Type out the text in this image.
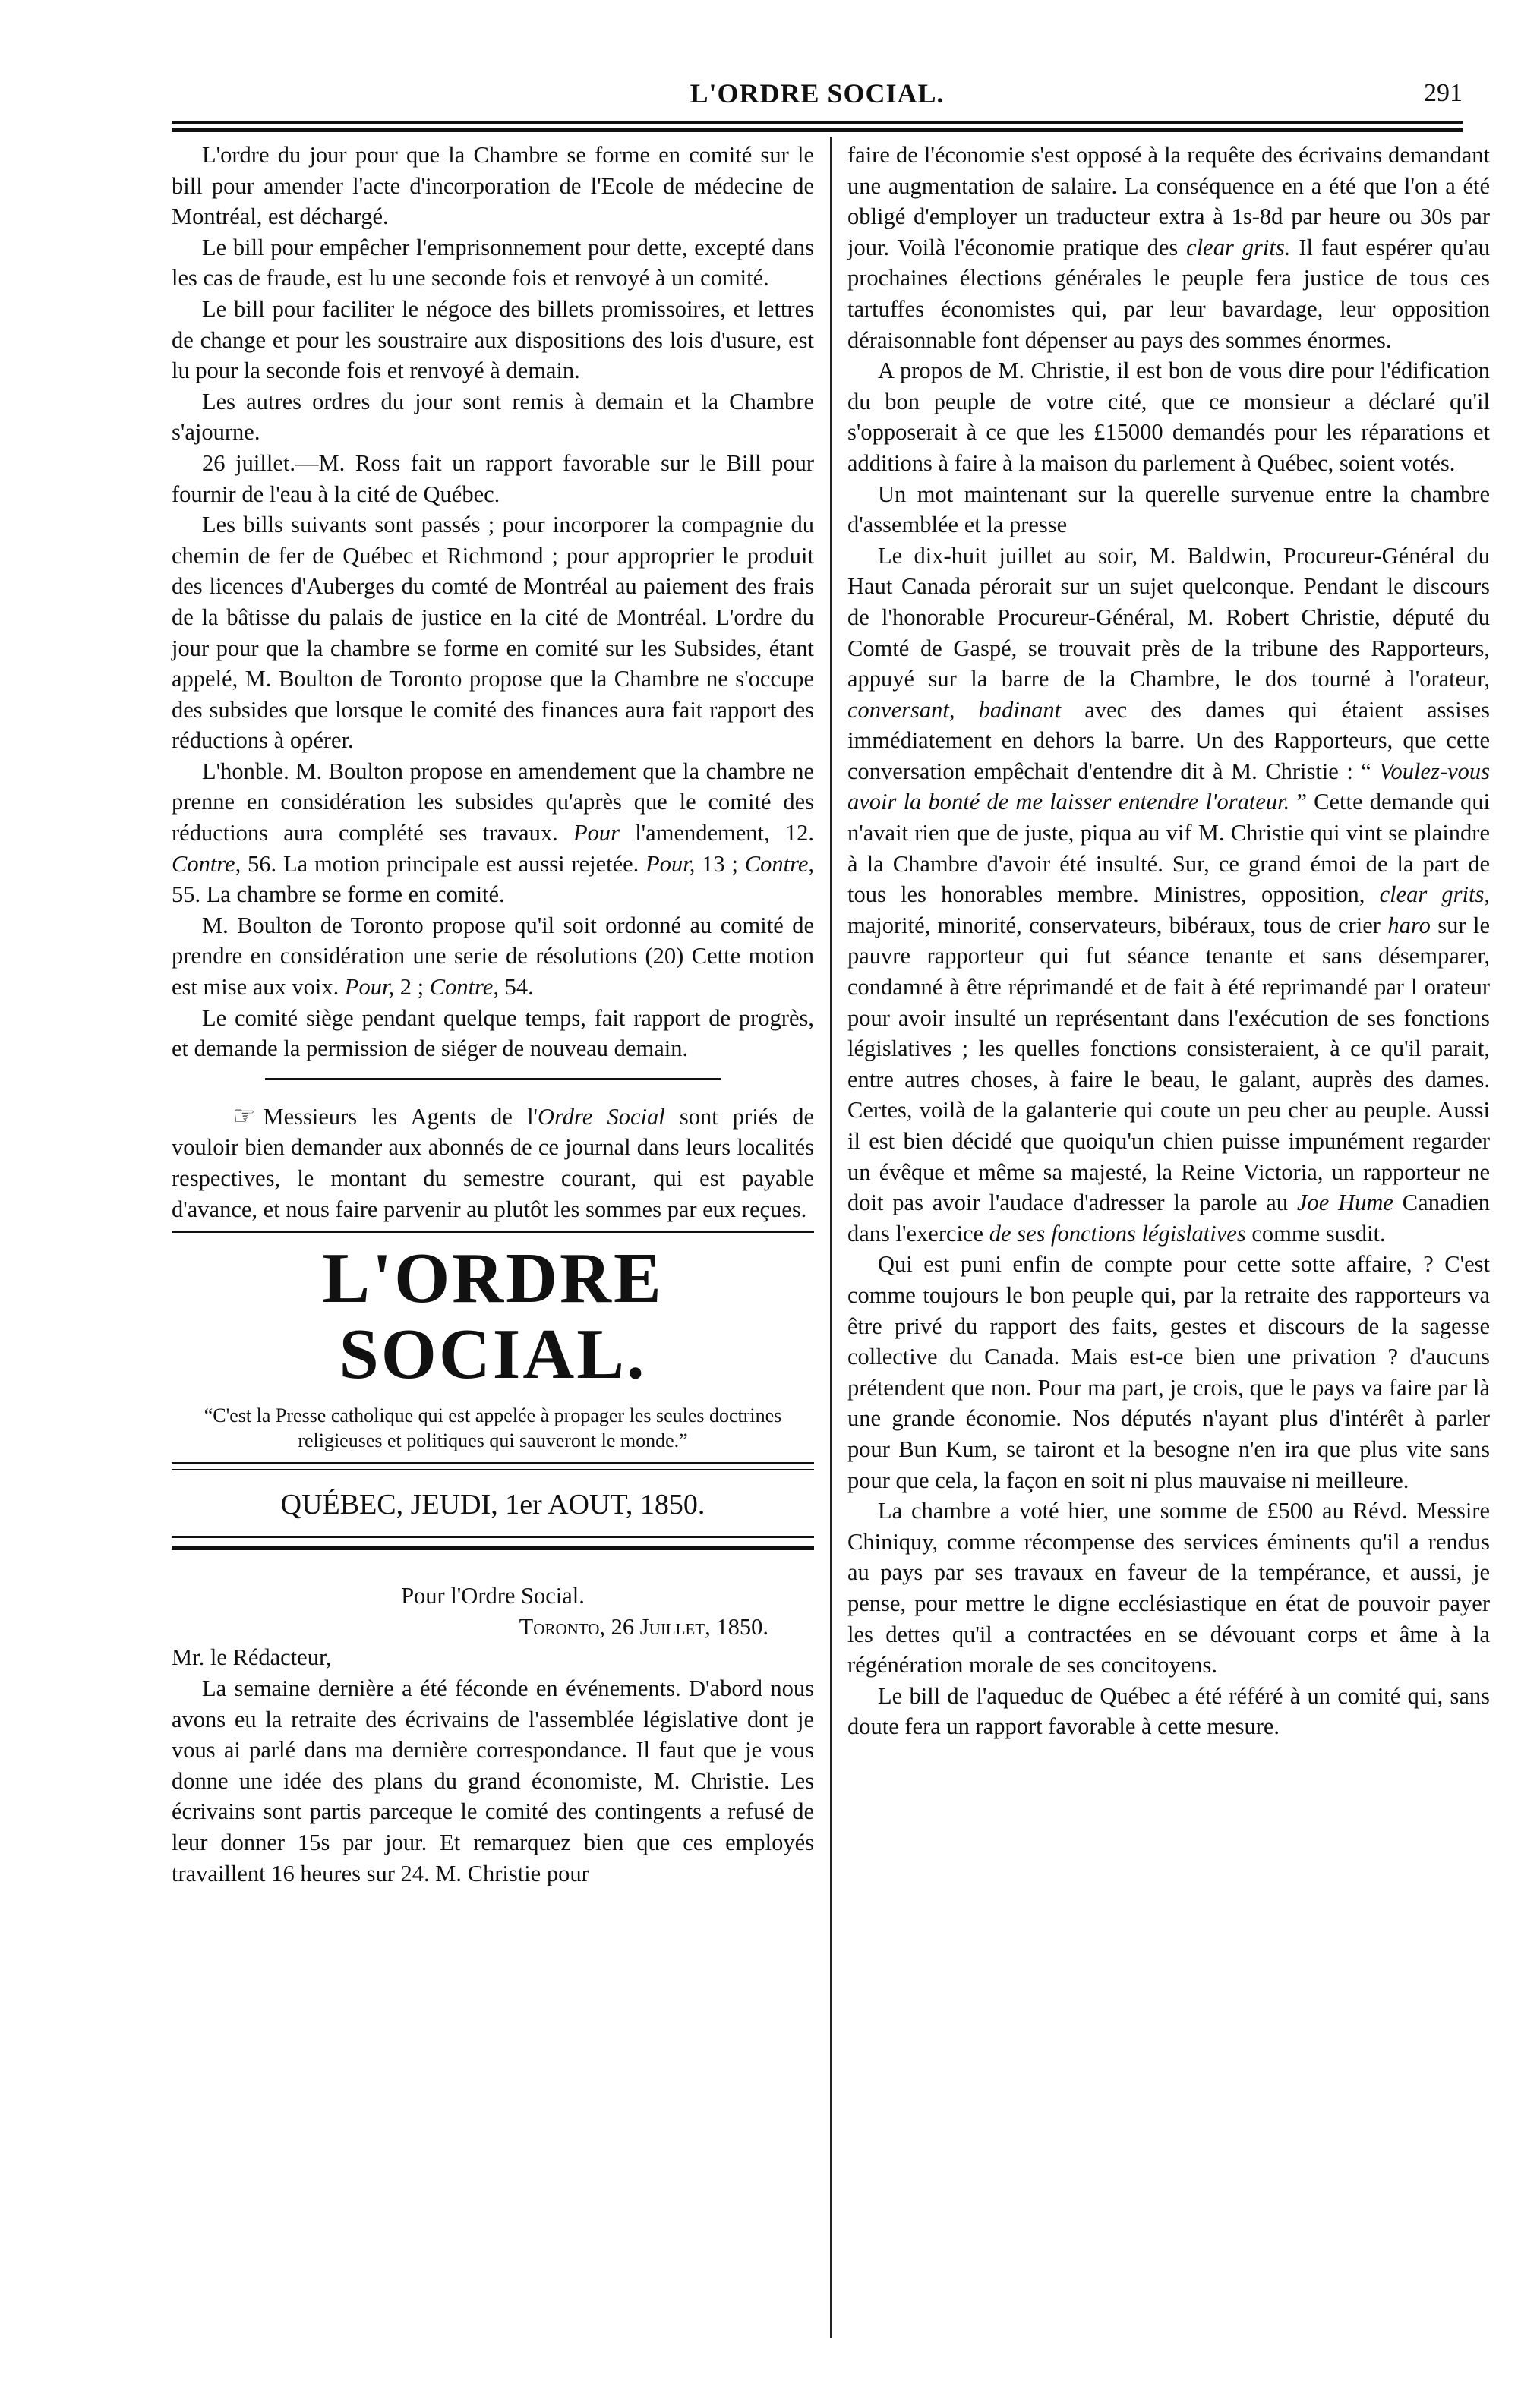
L'ORDRE SOCIAL.	291

L'ordre du jour pour que la Chambre se forme en comité sur le bill pour amender l'acte d'incorporation de l'Ecole de médecine de Montréal, est déchargé.

Le bill pour empêcher l'emprisonnement pour dette, excepté dans les cas de fraude, est lu une seconde fois et renvoyé à un comité.

Le bill pour faciliter le négoce des billets promissoires, et lettres de change et pour les soustraire aux dispositions des lois d'usure, est lu pour la seconde fois et renvoyé à demain.

Les autres ordres du jour sont remis à demain et la Chambre s'ajourne.

26 juillet.—M. Ross fait un rapport favorable sur le Bill pour fournir de l'eau à la cité de Québec.

Les bills suivants sont passés ; pour incorporer la compagnie du chemin de fer de Québec et Richmond ; pour approprier le produit des licences d'Auberges du comté de Montréal au paiement des frais de la bâtisse du palais de justice en la cité de Montréal. L'ordre du jour pour que la chambre se forme en comité sur les Subsides, étant appelé, M. Boulton de Toronto propose que la Chambre ne s'occupe des subsides que lorsque le comité des finances aura fait rapport des réductions à opérer.

L'honble. M. Boulton propose en amendement que la chambre ne prenne en considération les subsides qu'après que le comité des réductions aura complété ses travaux. Pour l'amendement, 12. Contre, 56. La motion principale est aussi rejetée. Pour, 13 ; Contre, 55. La chambre se forme en comité.

M. Boulton de Toronto propose qu'il soit ordonné au comité de prendre en considération une serie de résolutions (20) Cette motion est mise aux voix. Pour, 2 ; Contre, 54.

Le comité siège pendant quelque temps, fait rapport de progrès, et demande la permission de siéger de nouveau demain.

☞ Messieurs les Agents de l'Ordre Social sont priés de vouloir bien demander aux abonnés de ce journal dans leurs localités respectives, le montant du semestre courant, qui est payable d'avance, et nous faire parvenir au plutôt les sommes par eux reçues.

L'ORDRE SOCIAL.
“C'est la Presse catholique qui est appelée à propager les seules doctrines religieuses et politiques qui sauveront le monde.”
QUÉBEC, JEUDI, 1er AOUT, 1850.

Pour l'Ordre Social.

Toronto, 26 Juillet, 1850.

Mr. le Rédacteur,

La semaine dernière a été féconde en événements. D'abord nous avons eu la retraite des écrivains de l'assemblée législative dont je vous ai parlé dans ma dernière correspondance. Il faut que je vous donne une idée des plans du grand économiste, M. Christie. Les écrivains sont partis parceque le comité des contingents a refusé de leur donner 15s par jour. Et remarquez bien que ces employés travaillent 16 heures sur 24. M. Christie pour

faire de l'économie s'est opposé à la requête des écrivains demandant une augmentation de salaire. La conséquence en a été que l'on a été obligé d'employer un traducteur extra à 1s-8d par heure ou 30s par jour. Voilà l'économie pratique des clear grits. Il faut espérer qu'au prochaines élections générales le peuple fera justice de tous ces tartuffes économistes qui, par leur bavardage, leur opposition déraisonnable font dépenser au pays des sommes énormes.

A propos de M. Christie, il est bon de vous dire pour l'édification du bon peuple de votre cité, que ce monsieur a déclaré qu'il s'opposerait à ce que les £15000 demandés pour les réparations et additions à faire à la maison du parlement à Québec, soient votés.

Un mot maintenant sur la querelle survenue entre la chambre d'assemblée et la presse

Le dix-huit juillet au soir, M. Baldwin, Procureur-Général du Haut Canada pérorait sur un sujet quelconque. Pendant le discours de l'honorable Procureur-Général, M. Robert Christie, député du Comté de Gaspé, se trouvait près de la tribune des Rapporteurs, appuyé sur la barre de la Chambre, le dos tourné à l'orateur, conversant, badinant avec des dames qui étaient assises immédiatement en dehors la barre. Un des Rapporteurs, que cette conversation empêchait d'entendre dit à M. Christie : “ Voulez-vous avoir la bonté de me laisser entendre l'orateur. ” Cette demande qui n'avait rien que de juste, piqua au vif M. Christie qui vint se plaindre à la Chambre d'avoir été insulté. Sur, ce grand émoi de la part de tous les honorables membre. Ministres, opposition, clear grits, majorité, minorité, conservateurs, bibéraux, tous de crier haro sur le pauvre rapporteur qui fut séance tenante et sans désemparer, condamné à être réprimandé et de fait à été reprimandé par l orateur pour avoir insulté un représentant dans l'exécution de ses fonctions législatives ; les quelles fonctions consisteraient, à ce qu'il parait, entre autres choses, à faire le beau, le galant, auprès des dames. Certes, voilà de la galanterie qui coute un peu cher au peuple. Aussi il est bien décidé que quoiqu'un chien puisse impunément regarder un évêque et même sa majesté, la Reine Victoria, un rapporteur ne doit pas avoir l'audace d'adresser la parole au Joe Hume Canadien dans l'exercice de ses fonctions législatives comme susdit.

Qui est puni enfin de compte pour cette sotte affaire, ? C'est comme toujours le bon peuple qui, par la retraite des rapporteurs va être privé du rapport des faits, gestes et discours de la sagesse collective du Canada. Mais est-ce bien une privation ? d'aucuns prétendent que non. Pour ma part, je crois, que le pays va faire par là une grande économie. Nos députés n'ayant plus d'intérêt à parler pour Bun Kum, se tairont et la besogne n'en ira que plus vite sans pour que cela, la façon en soit ni plus mauvaise ni meilleure.

La chambre a voté hier, une somme de £500 au Révd. Messire Chiniquy, comme récompense des services éminents qu'il a rendus au pays par ses travaux en faveur de la tempérance, et aussi, je pense, pour mettre le digne ecclésiastique en état de pouvoir payer les dettes qu'il a contractées en se dévouant corps et âme à la régénération morale de ses concitoyens.

Le bill de l'aqueduc de Québec a été référé à un comité qui, sans doute fera un rapport favorable à cette mesure.
